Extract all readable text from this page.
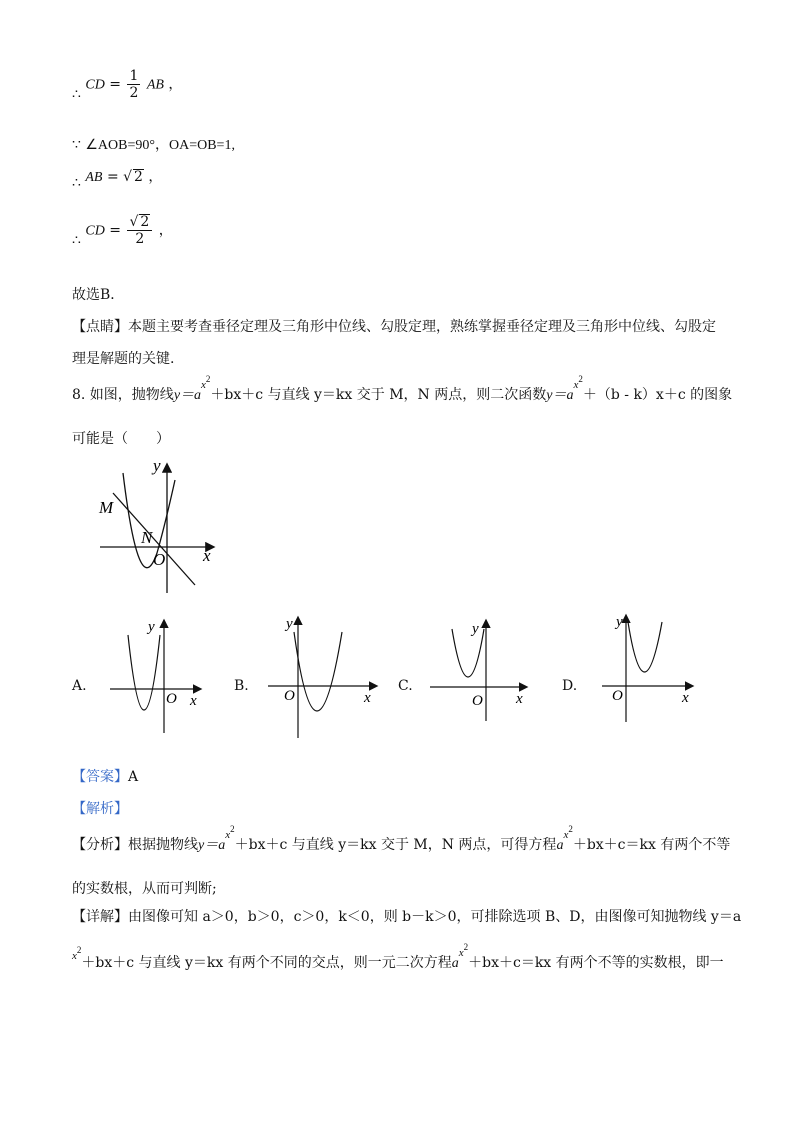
∴ CD = $\frac{1}{2}$ AB ，
∵ ∠AOB=90°，OA=OB=1,
∴ AB = √ 2 ，
∴ CD = $\frac{√ 2}{2}$ ，
故选B．
【点睛】本题主要考查垂径定理及三角形中位线、勾股定理，熟练掌握垂径定理及三角形中位线、勾股定
理是解题的关键.
8. 如图，抛物线$y=a^{x^2}+bx+c$ 与直线 y＝kx 交于 M，N 两点，则二次函数$y=a^{x^2}+(b - k)x+c$ 的图象
可能是（　　）
y
x
M
N
O
A.
y
x
O
B.
y
x
O
C.
y
x
O
D.
y
x
O
【答案】A
【解析】
【分析】根据抛物线$y=a^{x^2}+bx+c$ 与直线 y＝kx 交于 M，N 两点，可得方程$a^{x^2}+bx+c=kx$ 有两个不等
的实数根，从而可判断;
【详解】由图像可知 a＞0，b＞0，c＞0，k＜0，则 b－k＞0，可排除选项 B、D，由图像可知抛物线 y＝a
$^{x^2}$＋bx＋c 与直线 y＝kx 有两个不同的交点，则一元二次方程$a^{x^2}+bx+c=kx$ 有两个不等的实数根，即一
